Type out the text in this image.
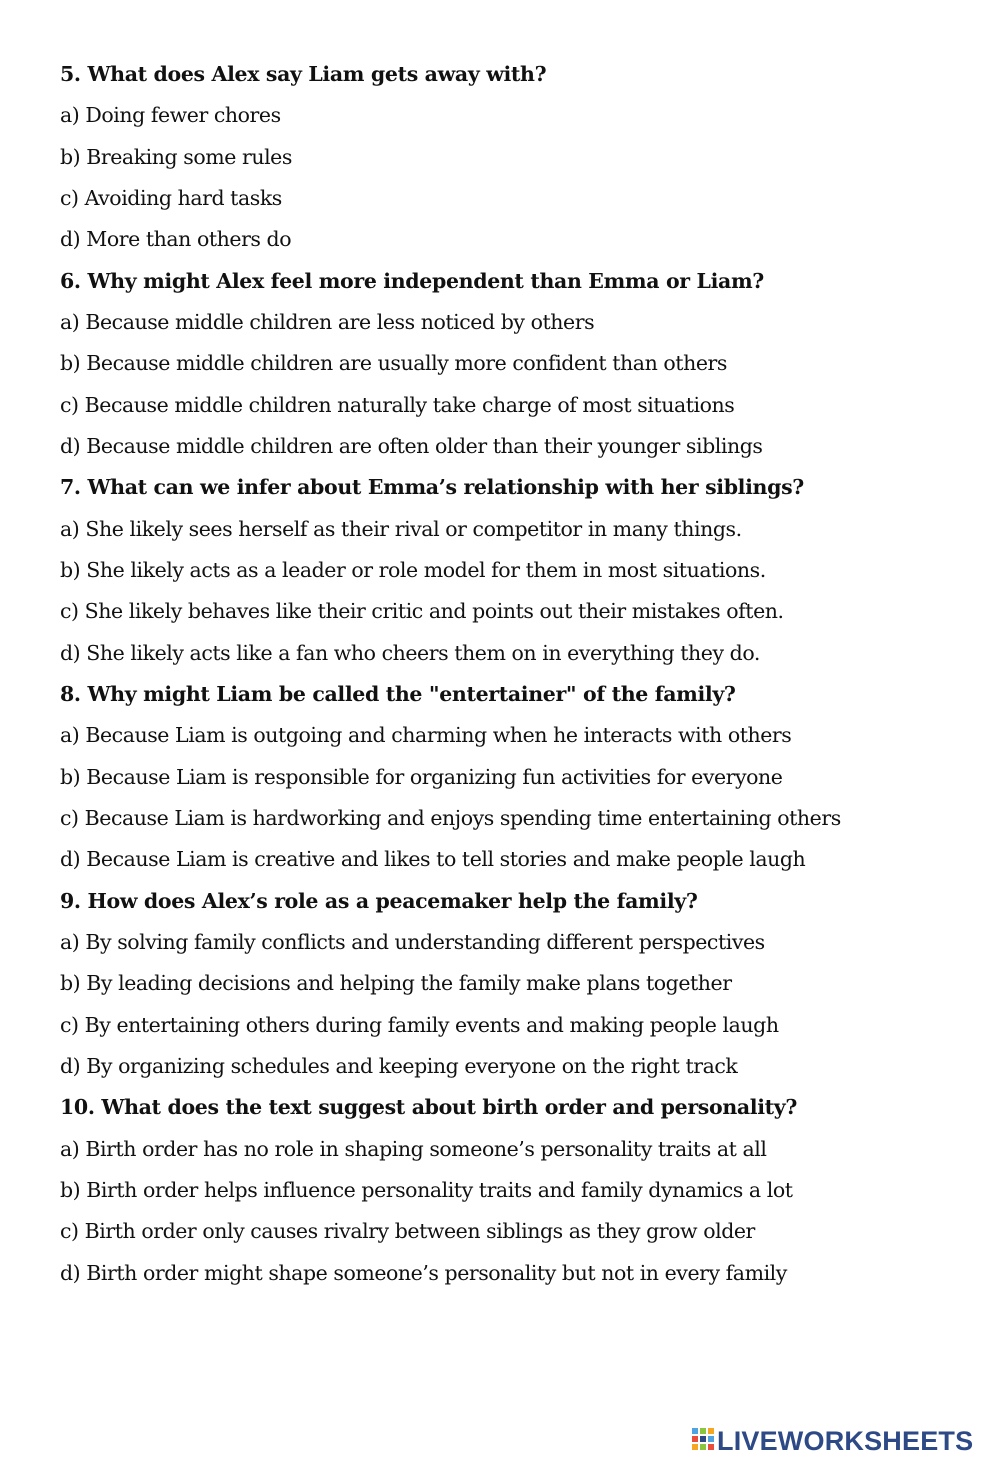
5. What does Alex say Liam gets away with?
a) Doing fewer chores
b) Breaking some rules
c) Avoiding hard tasks
d) More than others do
6. Why might Alex feel more independent than Emma or Liam?
a) Because middle children are less noticed by others
b) Because middle children are usually more confident than others
c) Because middle children naturally take charge of most situations
d) Because middle children are often older than their younger siblings
7. What can we infer about Emma’s relationship with her siblings?
a) She likely sees herself as their rival or competitor in many things.
b) She likely acts as a leader or role model for them in most situations.
c) She likely behaves like their critic and points out their mistakes often.
d) She likely acts like a fan who cheers them on in everything they do.
8. Why might Liam be called the "entertainer" of the family?
a) Because Liam is outgoing and charming when he interacts with others
b) Because Liam is responsible for organizing fun activities for everyone
c) Because Liam is hardworking and enjoys spending time entertaining others
d) Because Liam is creative and likes to tell stories and make people laugh
9. How does Alex’s role as a peacemaker help the family?
a) By solving family conflicts and understanding different perspectives
b) By leading decisions and helping the family make plans together
c) By entertaining others during family events and making people laugh
d) By organizing schedules and keeping everyone on the right track
10. What does the text suggest about birth order and personality?
a) Birth order has no role in shaping someone’s personality traits at all
b) Birth order helps influence personality traits and family dynamics a lot
c) Birth order only causes rivalry between siblings as they grow older
d) Birth order might shape someone’s personality but not in every family
LIVEWORKSHEETS
